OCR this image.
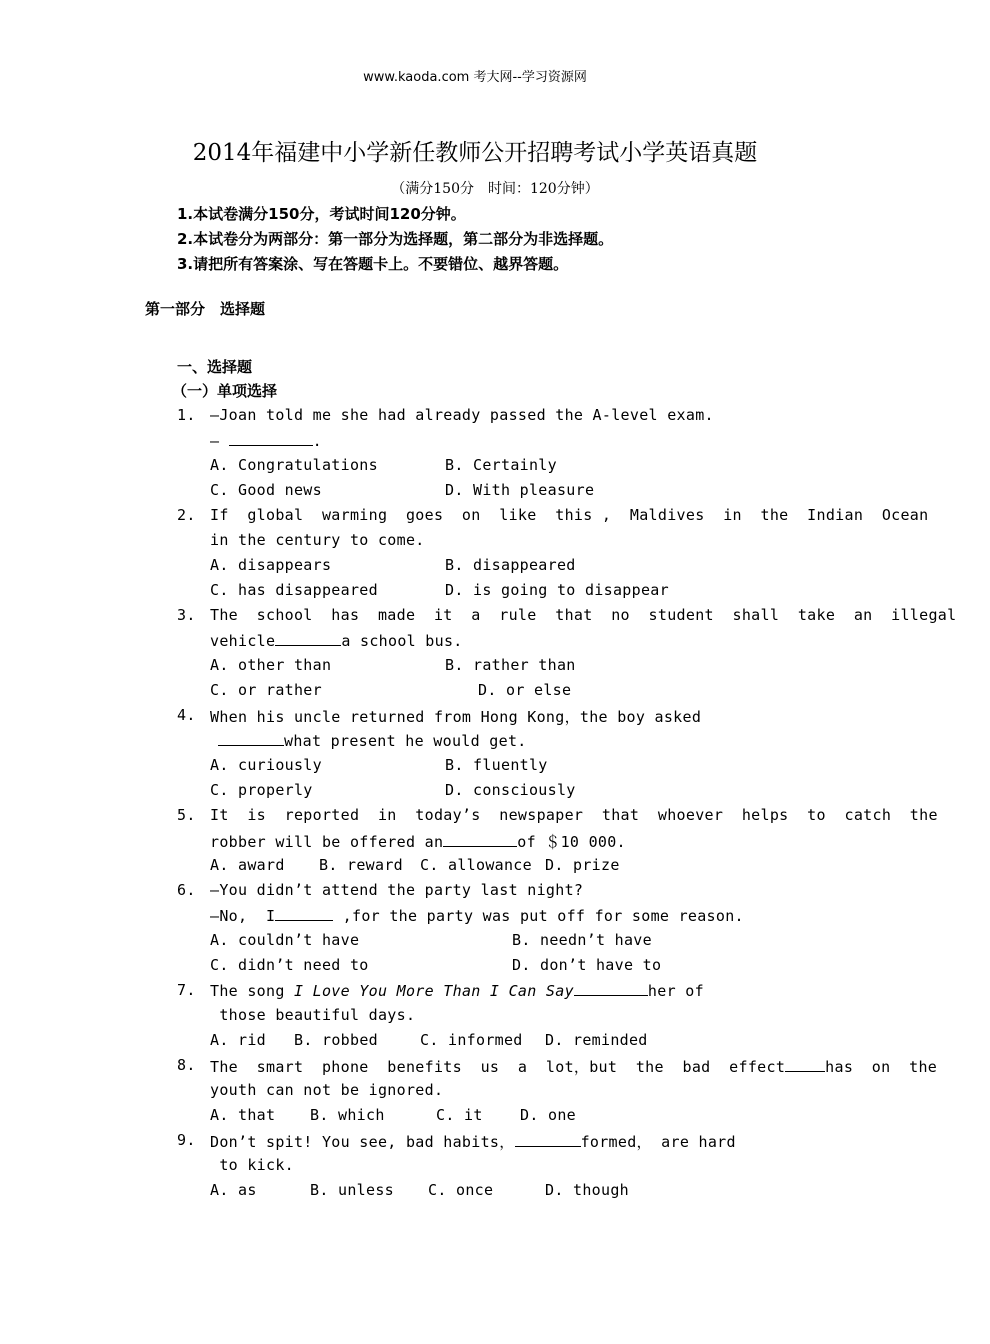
www.kaoda.com 考大网--学习资源网
2014年福建中小学新任教师公开招聘考试小学英语真题
（满分150分　时间：120分钟）
1.本试卷满分150分，考试时间120分钟。
2.本试卷分为两部分：第一部分为选择题，第二部分为非选择题。
3.请把所有答案涂、写在答题卡上。不要错位、越界答题。
第一部分　选择题
一、选择题
（一）单项选择
1. —Joan told me she had already passed the A-level exam.
—	.
A. Congratulations	B. Certainly
C. Good news	D. With pleasure
2. If  global  warming  goes  on  like  this ,  Maldives  in  the  Indian  Ocean
in the century to come.
A. disappears	B. disappeared
C. has disappeared	D. is going to disappear
3. The  school  has  made  it  a  rule  that  no  student  shall  take  an  illegal
vehicle	a school bus.
A. other than	B. rather than
C. or rather	D. or else
4. When his uncle returned from Hong Kong，the boy asked
what present he would get.
A. curiously	B. fluently
C. properly	D. consciously
5. It  is  reported  in  today’s  newspaper  that  whoever  helps  to  catch  the
robber will be offered an	of ＄10 000.
A. award B. reward C. allowance D. prize
6. —You didn’t attend the party last night?
—No,  I	,for the party was put off for some reason.
A. couldn’t have	B. needn’t have
C. didn’t need to	D. don’t have to
7. The song I Love You More Than I Can Say	her of
those beautiful days.
A. rid B. robbed	C. informed D. reminded
8. The  smart  phone  benefits  us  a  lot，but  the  bad  effect	has  on  the
youth can not be ignored.
A. that B. which	C. it D. one
9. Don’t spit! You see, bad habits，	formed， are hard
to kick.
A. as	B. unless C. once	D. though
